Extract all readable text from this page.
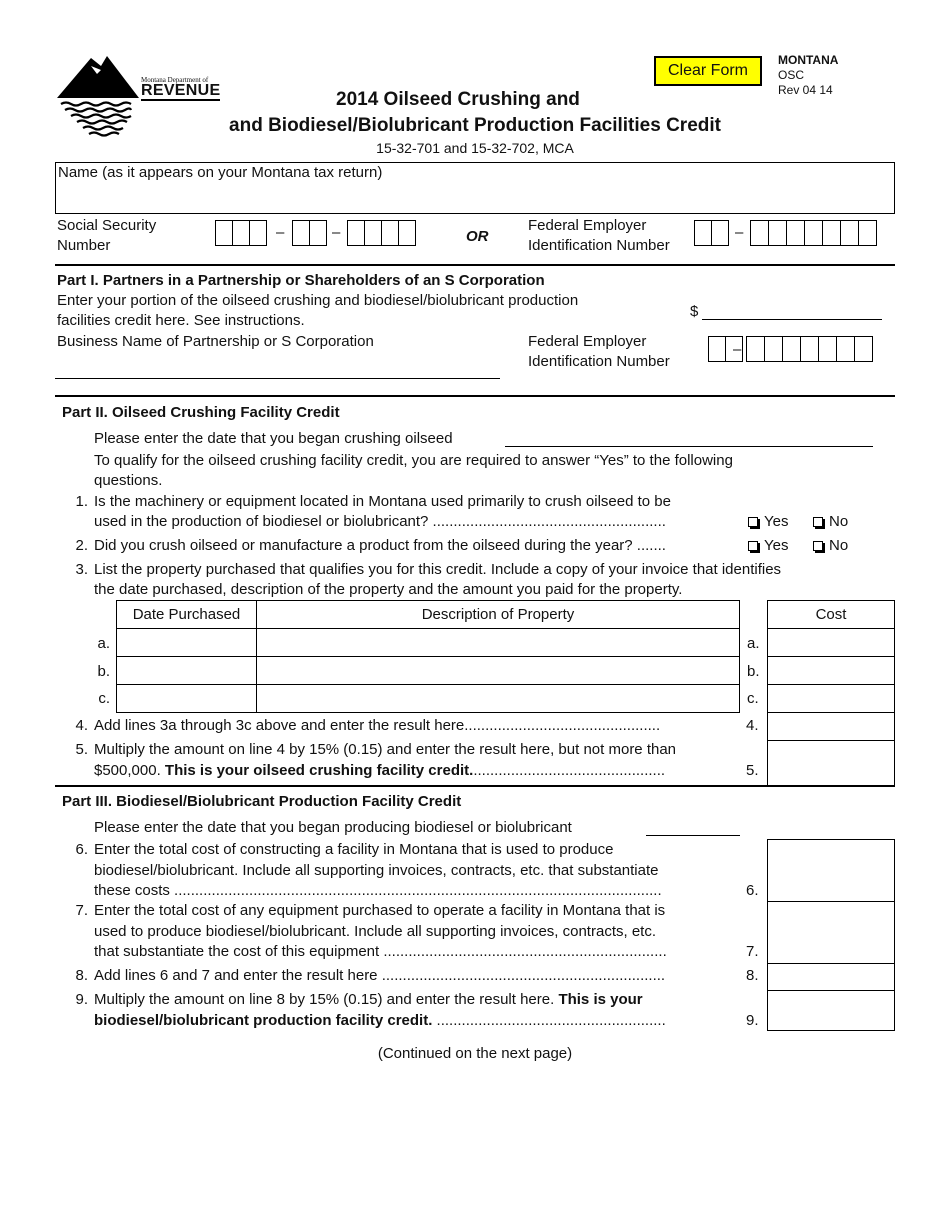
Montana Department of
REVENUE
Clear Form
MONTANA
OSC
Rev 04 14
2014 Oilseed Crushing and
and Biodiesel/Biolubricant Production Facilities Credit
15-32-701 and 15-32-702, MCA
Name (as it appears on your Montana tax return)
Social Security
Number
–	–	OR
Federal Employer
Identification Number
–
Part I. Partners in a Partnership or Shareholders of an S Corporation
Enter your portion of the oilseed crushing and biodiesel/biolubricant production
facilities credit here. See instructions.
$
Business Name of Partnership or S Corporation	Federal Employer
Identification Number
–
Part II. Oilseed Crushing Facility Credit
Please enter the date that you began crushing oilseed
To qualify for the oilseed crushing facility credit, you are required to answer “Yes” to the following
questions.
1. Is the machinery or equipment located in Montana used primarily to crush oilseed to be
used in the production of biodiesel or biolubricant? ........................................................	Yes	No
2. Did you crush oilseed or manufacture a product from the oilseed during the year? .......	Yes	No
3. List the property purchased that qualifies you for this credit. Include a copy of your invoice that identifies
the date purchased, description of the property and the amount you paid for the property.
Date Purchased	Description of Property	Cost
a.	a.
b.	b.
c.	c.
4. Add lines 3a through 3c above and enter the result here...............................................	4.
5. Multiply the amount on line 4 by 15% (0.15) and enter the result here, but not more than
$500,000. This is your oilseed crushing facility credit...............................................	5.
Part III. Biodiesel/Biolubricant Production Facility Credit
Please enter the date that you began producing biodiesel or biolubricant
6. Enter the total cost of constructing a facility in Montana that is used to produce
biodiesel/biolubricant. Include all supporting invoices, contracts, etc. that substantiate
these costs .....................................................................................................................	6.
7. Enter the total cost of any equipment purchased to operate a facility in Montana that is
used to produce biodiesel/biolubricant. Include all supporting invoices, contracts, etc.
that substantiate the cost of this equipment ....................................................................	7.
8. Add lines 6 and 7 and enter the result here ....................................................................	8.
9. Multiply the amount on line 8 by 15% (0.15) and enter the result here. This is your
biodiesel/biolubricant production facility credit. .......................................................	9.
(Continued on the next page)
